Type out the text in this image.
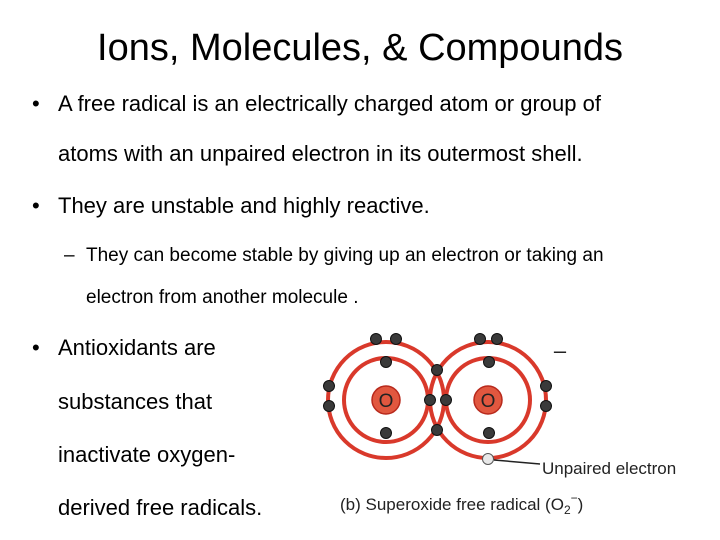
Ions, Molecules, & Compounds
• A free radical is an electrically charged atom or group of
atoms with an unpaired electron in its outermost shell.
• They are unstable and highly reactive.
– They can become stable by giving up an electron or taking an
electron from another molecule .
• Antioxidants are
substances that
inactivate oxygen-
derived free radicals.
O	O
–
Unpaired electron
(b) Superoxide free radical $(O_2^-)$
